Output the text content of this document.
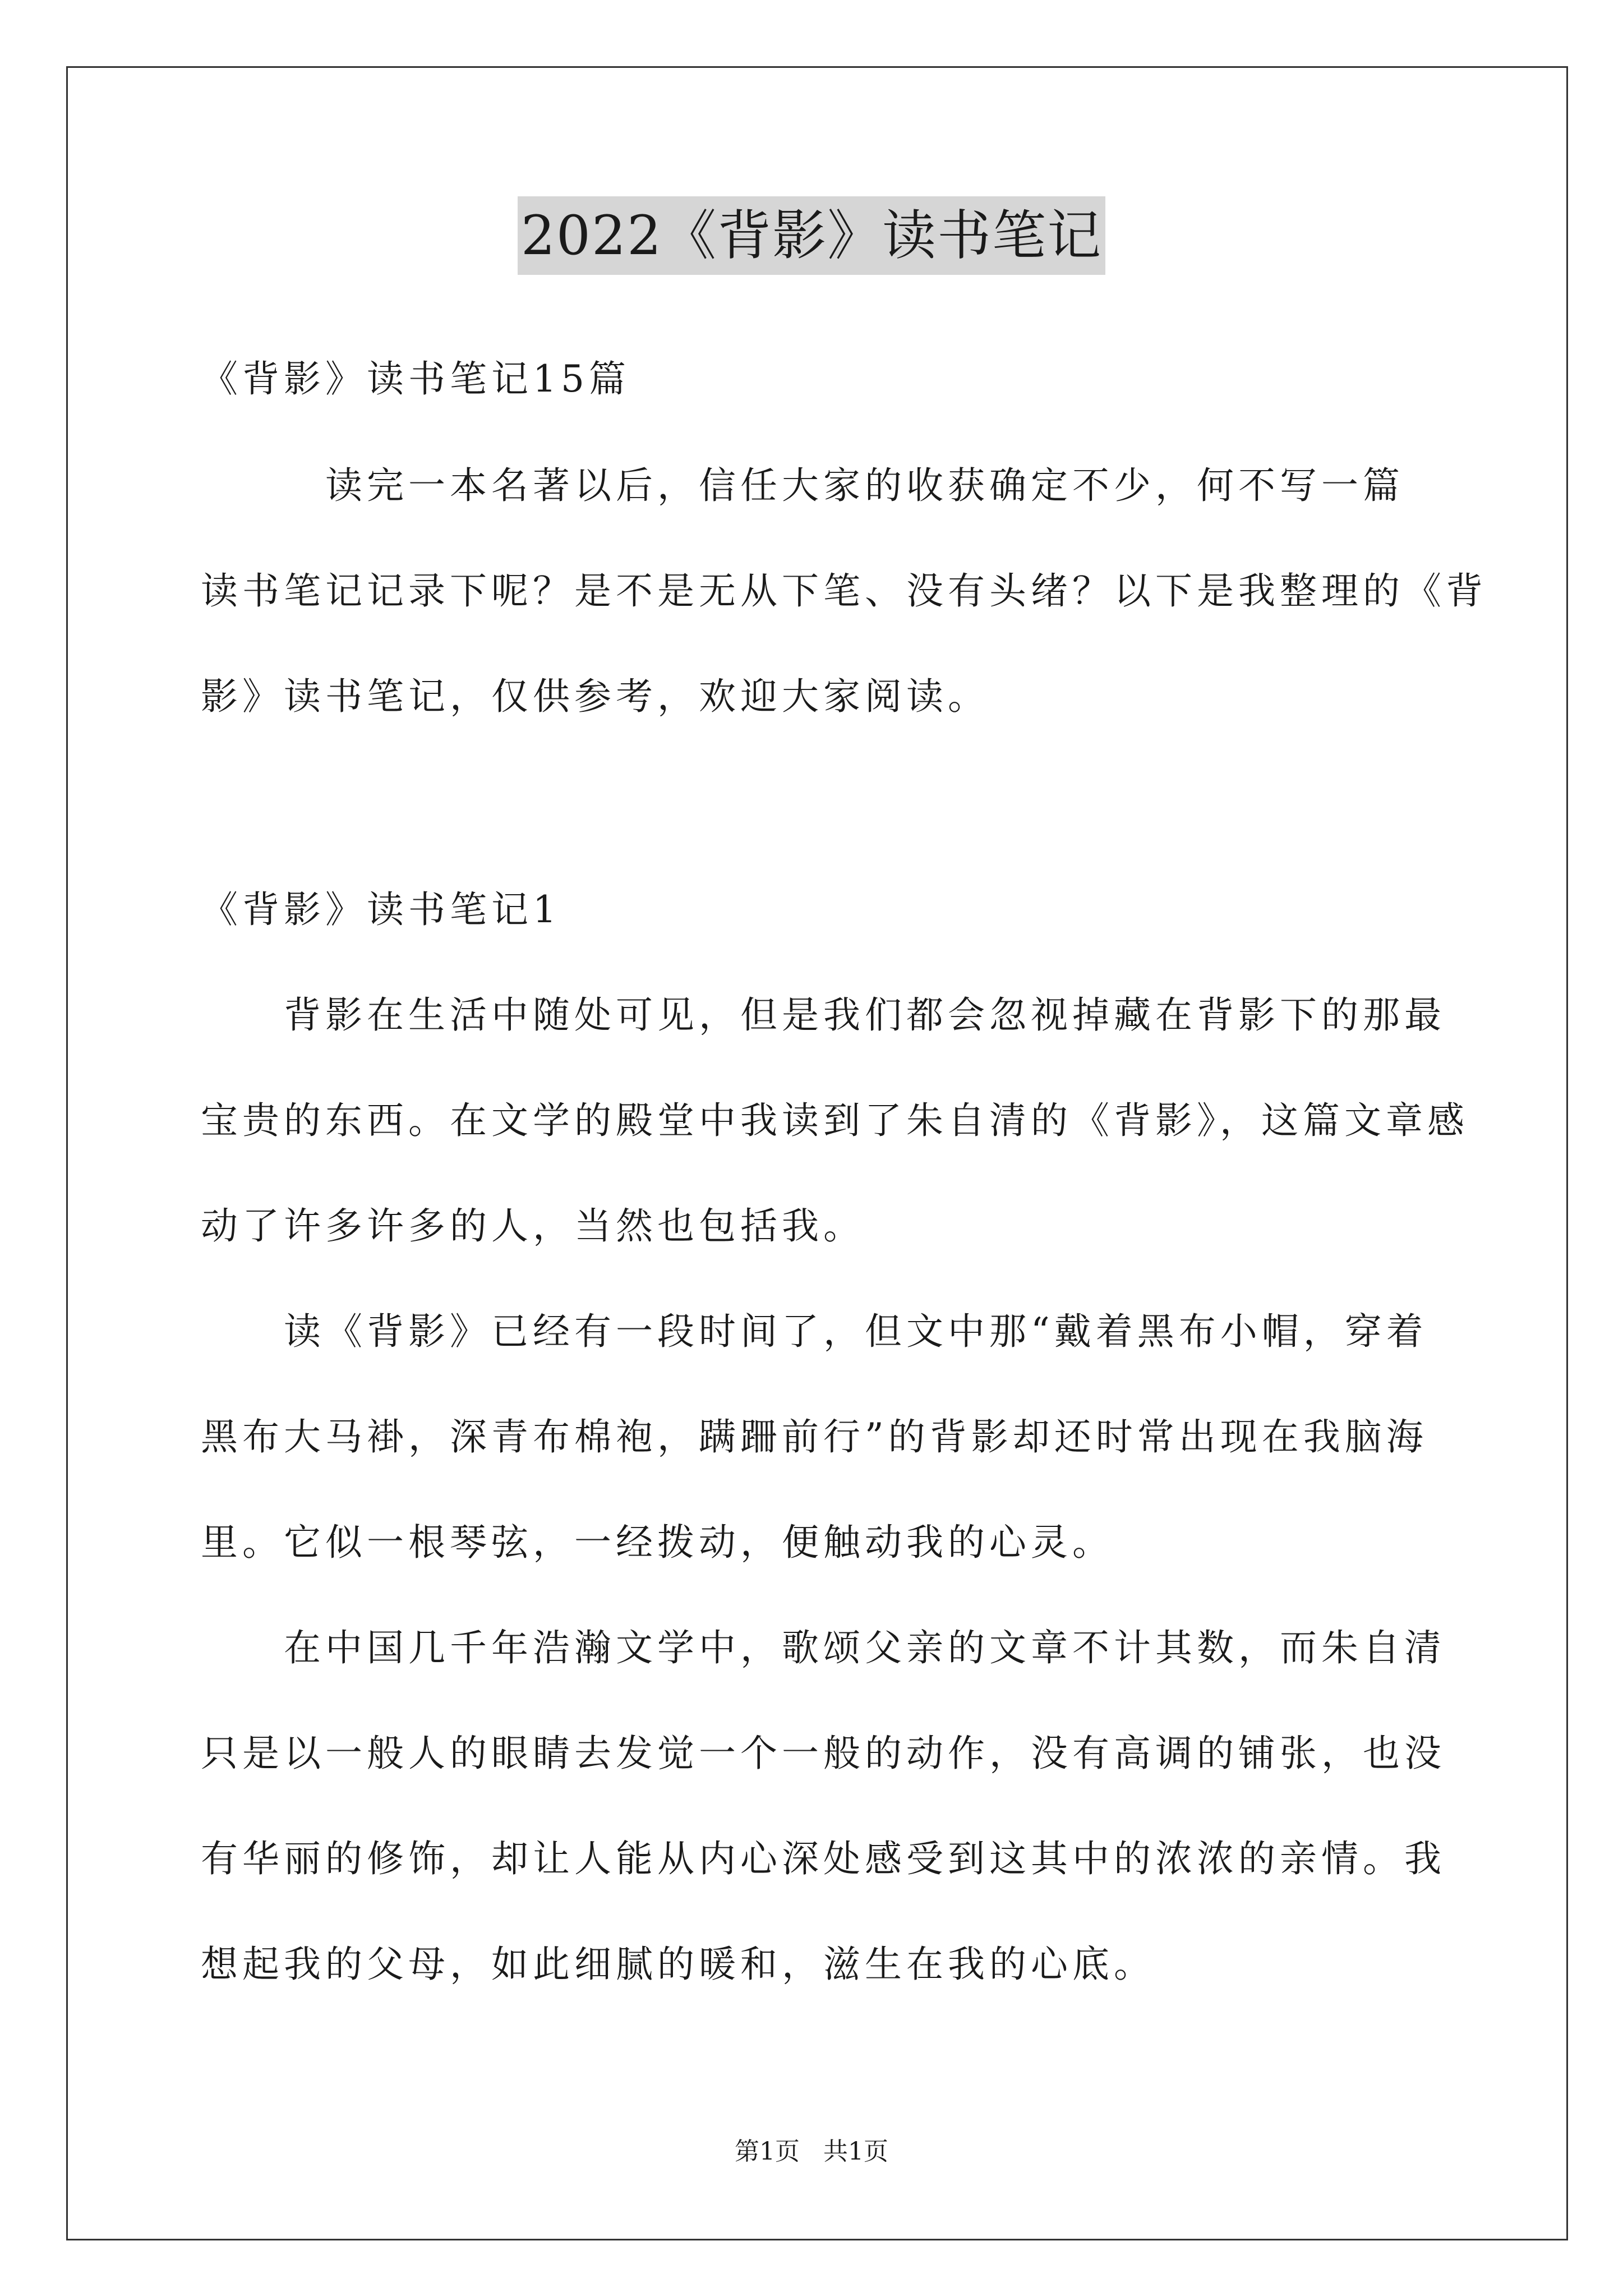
2022《背影》读书笔记
《背影》读书笔记15篇
　　　读完一本名著以后，信任大家的收获确定不少，何不写一篇
读书笔记记录下呢？是不是无从下笔、没有头绪？以下是我整理的《背
影》读书笔记，仅供参考，欢迎大家阅读。
《背影》读书笔记1
　　背影在生活中随处可见，但是我们都会忽视掉藏在背影下的那最
宝贵的东西。在文学的殿堂中我读到了朱自清的《背影》，这篇文章感
动了许多许多的人，当然也包括我。
　　读《背影》已经有一段时间了，但文中那“戴着黑布小帽，穿着
黑布大马褂，深青布棉袍，蹒跚前行”的背影却还时常出现在我脑海
里。它似一根琴弦，一经拨动，便触动我的心灵。
　　在中国几千年浩瀚文学中，歌颂父亲的文章不计其数，而朱自清
只是以一般人的眼睛去发觉一个一般的动作，没有高调的铺张，也没
有华丽的修饰，却让人能从内心深处感受到这其中的浓浓的亲情。我
想起我的父母，如此细腻的暖和，滋生在我的心底。
第1页   共1页
